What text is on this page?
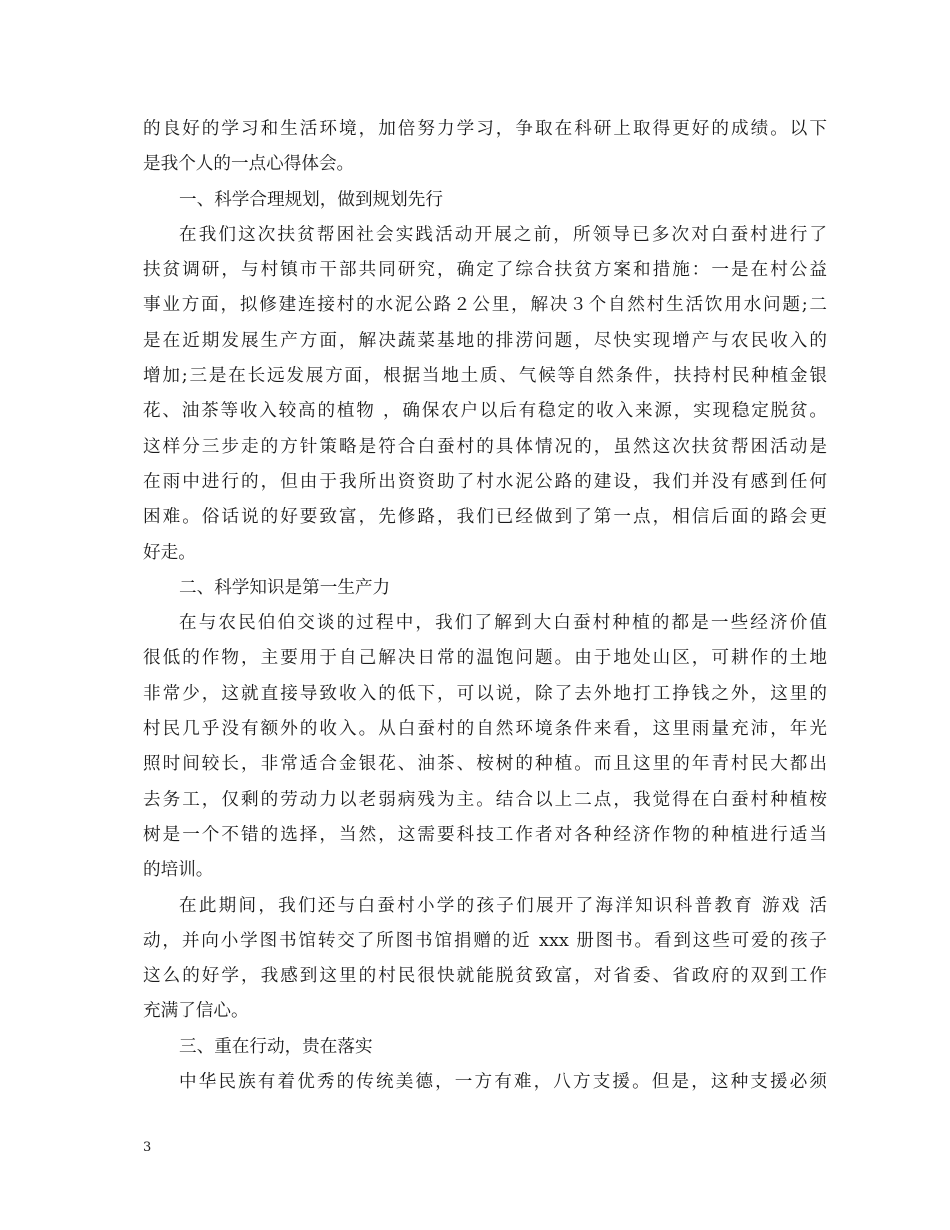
的良好的学习和生活环境，加倍努力学习，争取在科研上取得更好的成绩。以下
是我个人的一点心得体会。
一、科学合理规划，做到规划先行
在我们这次扶贫帮困社会实践活动开展之前，所领导已多次对白蚕村进行了
扶贫调研，与村镇市干部共同研究，确定了综合扶贫方案和措施：一是在村公益
事业方面，拟修建连接村的水泥公路２公里，解决３个自然村生活饮用水问题;二
是在近期发展生产方面，解决蔬菜基地的排涝问题，尽快实现增产与农民收入的
增加;三是在长远发展方面，根据当地土质、气候等自然条件，扶持村民种植金银
花、油茶等收入较高的植物 ，确保农户以后有稳定的收入来源，实现稳定脱贫。
这样分三步走的方针策略是符合白蚕村的具体情况的，虽然这次扶贫帮困活动是
在雨中进行的，但由于我所出资资助了村水泥公路的建设，我们并没有感到任何
困难。俗话说的好要致富，先修路，我们已经做到了第一点，相信后面的路会更
好走。
二、科学知识是第一生产力
在与农民伯伯交谈的过程中，我们了解到大白蚕村种植的都是一些经济价值
很低的作物，主要用于自己解决日常的温饱问题。由于地处山区，可耕作的土地
非常少，这就直接导致收入的低下，可以说，除了去外地打工挣钱之外，这里的
村民几乎没有额外的收入。从白蚕村的自然环境条件来看，这里雨量充沛，年光
照时间较长，非常适合金银花、油茶、桉树的种植。而且这里的年青村民大都出
去务工，仅剩的劳动力以老弱病残为主。结合以上二点，我觉得在白蚕村种植桉
树是一个不错的选择，当然，这需要科技工作者对各种经济作物的种植进行适当
的培训。
在此期间，我们还与白蚕村小学的孩子们展开了海洋知识科普教育 游戏 活
动，并向小学图书馆转交了所图书馆捐赠的近 xxx 册图书。看到这些可爱的孩子
这么的好学，我感到这里的村民很快就能脱贫致富，对省委、省政府的双到工作
充满了信心。
三、重在行动，贵在落实
中华民族有着优秀的传统美德，一方有难，八方支援。但是，这种支援必须
3
